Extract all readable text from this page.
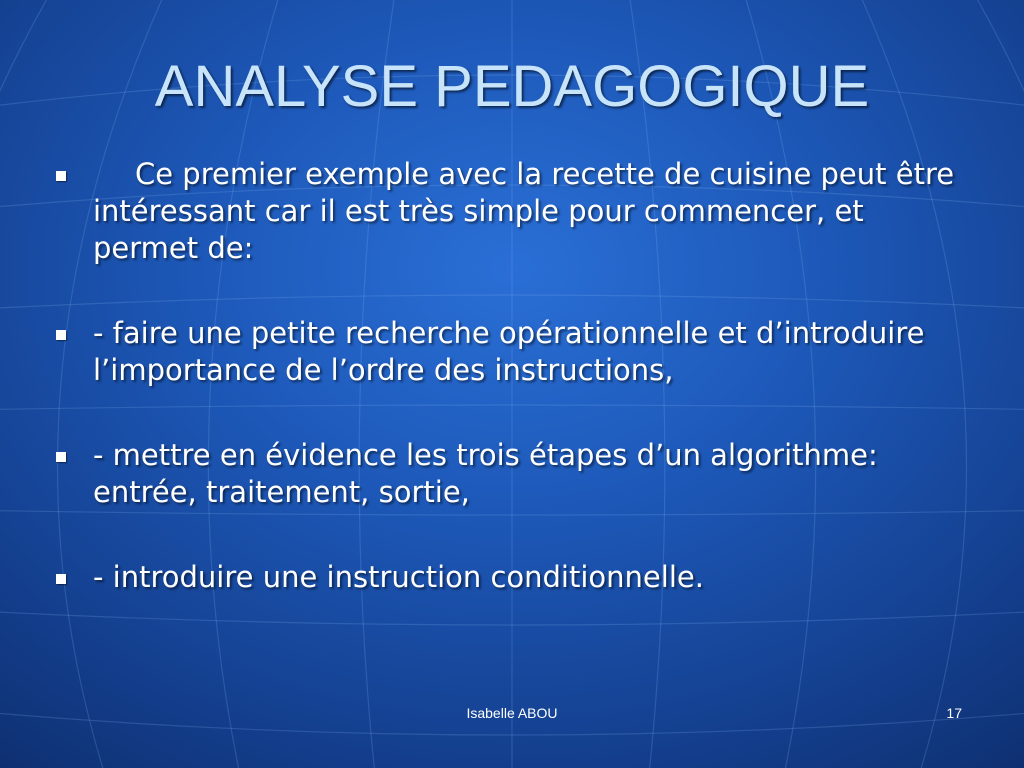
ANALYSE PEDAGOGIQUE
Ce premier exemple avec la recette de cuisine peut être intéressant car il est très simple pour commencer, et permet de:
- faire une petite recherche opérationnelle et d’introduire l’importance de l’ordre des instructions,
- mettre en évidence les trois étapes d’un algorithme: entrée, traitement, sortie,
- introduire une instruction conditionnelle.
Isabelle ABOU	17
